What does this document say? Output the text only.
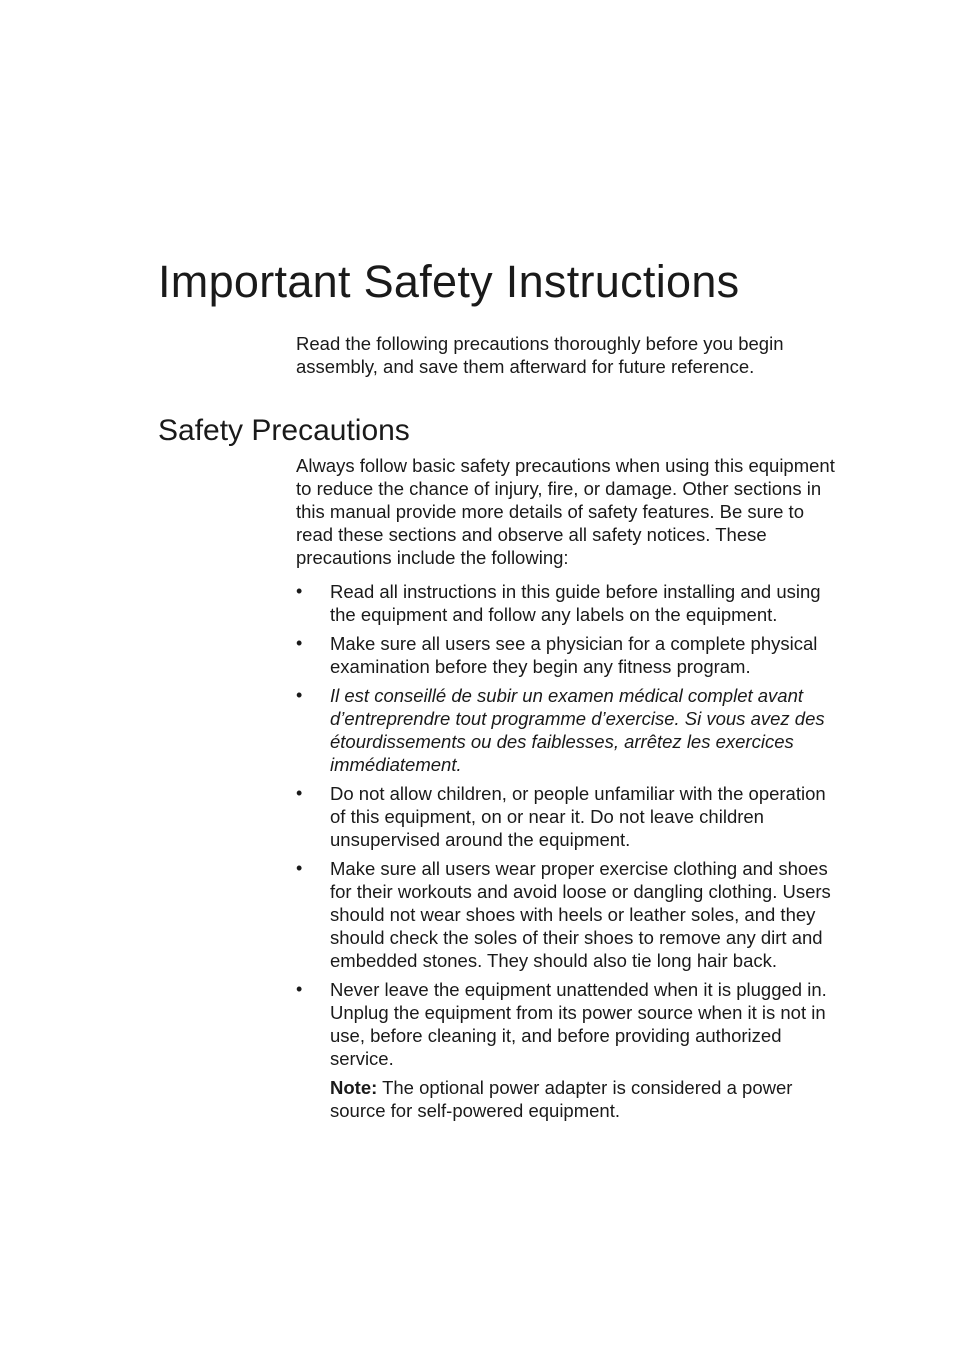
Important Safety Instructions

Read the following precautions thoroughly before you begin assembly, and save them afterward for future reference.

Safety Precautions

Always follow basic safety precautions when using this equipment to reduce the chance of injury, fire, or damage. Other sections in this manual provide more details of safety features. Be sure to read these sections and observe all safety notices. These precautions include the following:

• Read all instructions in this guide before installing and using the equipment and follow any labels on the equipment.
• Make sure all users see a physician for a complete physical examination before they begin any fitness program.
• Il est conseillé de subir un examen médical complet avant d’entreprendre tout programme d’exercise. Si vous avez des étourdissements ou des faiblesses, arrêtez les exercices immédiatement.
• Do not allow children, or people unfamiliar with the operation of this equipment, on or near it. Do not leave children unsupervised around the equipment.
• Make sure all users wear proper exercise clothing and shoes for their workouts and avoid loose or dangling clothing. Users should not wear shoes with heels or leather soles, and they should check the soles of their shoes to remove any dirt and embedded stones. They should also tie long hair back.
• Never leave the equipment unattended when it is plugged in. Unplug the equipment from its power source when it is not in use, before cleaning it, and before providing authorized service.

Note: The optional power adapter is considered a power source for self-powered equipment.
